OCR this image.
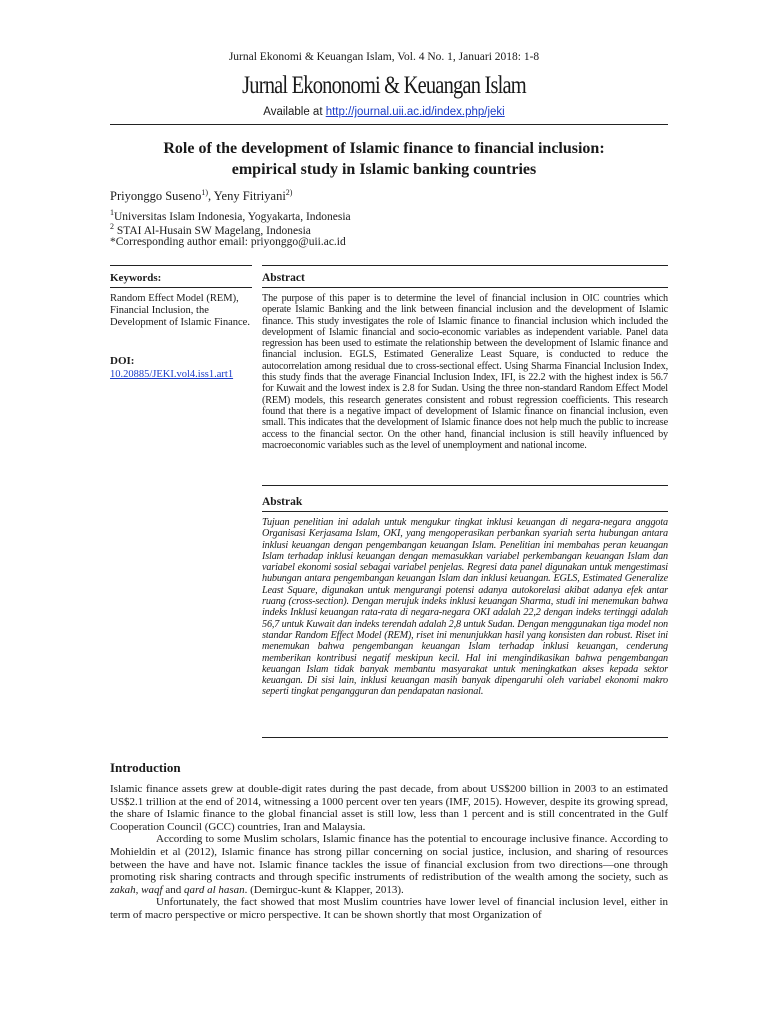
Jurnal Ekonomi & Keuangan Islam, Vol. 4 No. 1, Januari 2018: 1-8
Jurnal Ekononomi & Keuangan Islam
Available at http://journal.uii.ac.id/index.php/jeki
Role of the development of Islamic finance to financial inclusion:
empirical study in Islamic banking countries
Priyonggo Suseno$^{1)}$, Yeny Fitriyani$^{2)}$
$^1$Universitas Islam Indonesia, Yogyakarta, Indonesia
$^2$ STAI Al-Husain SW Magelang, Indonesia
*Corresponding author email: priyonggo@uii.ac.id
Keywords:
Random Effect Model (REM), Financial Inclusion, the Development of Islamic Finance.
DOI:
10.20885/JEKI.vol4.iss1.art1
Abstract
The purpose of this paper is to determine the level of financial inclusion in OIC countries which operate Islamic Banking and the link between financial inclusion and the development of Islamic finance. This study investigates the role of Islamic finance to financial inclusion which included the development of Islamic financial and socio-economic variables as independent variable. Panel data regression has been used to estimate the relationship between the development of Islamic finance and financial inclusion. EGLS, Estimated Generalize Least Square, is conducted to reduce the autocorrelation among residual due to cross-sectional effect. Using Sharma Financial Inclusion Index, this study finds that the average Financial Inclusion Index, IFI, is 22.2 with the highest index is 56.7 for Kuwait and the lowest index is 2.8 for Sudan. Using the three non-standard Random Effect Model (REM) models, this research generates consistent and robust regression coefficients. This research found that there is a negative impact of development of Islamic finance on financial inclusion, even small. This indicates that the development of Islamic finance does not help much the public to increase access to the financial sector. On the other hand, financial inclusion is still heavily influenced by macroeconomic variables such as the level of unemployment and national income.
Abstrak
Tujuan penelitian ini adalah untuk mengukur tingkat inklusi keuangan di negara-negara anggota Organisasi Kerjasama Islam, OKI, yang mengoperasikan perbankan syariah serta hubungan antara inklusi keuangan dengan pengembangan keuangan Islam. Penelitian ini membahas peran keuangan Islam terhadap inklusi keuangan dengan memasukkan variabel perkembangan keuangan Islam dan variabel ekonomi sosial sebagai variabel penjelas. Regresi data panel digunakan untuk mengestimasi hubungan antara pengembangan keuangan Islam dan inklusi keuangan. EGLS, Estimated Generalize Least Square, digunakan untuk mengurangi potensi adanya autokorelasi akibat adanya efek antar ruang (cross-section). Dengan merujuk indeks inklusi keuangan Sharma, studi ini menemukan bahwa indeks Inklusi keuangan rata-rata di negara-negara OKI adalah 22,2 dengan indeks tertinggi adalah 56,7 untuk Kuwait dan indeks terendah adalah 2,8 untuk Sudan. Dengan menggunakan tiga model non standar Random Effect Model (REM), riset ini menunjukkan hasil yang konsisten dan robust. Riset ini menemukan bahwa pengembangan keuangan Islam terhadap inklusi keuangan, cenderung memberikan kontribusi negatif meskipun kecil. Hal ini mengindikasikan bahwa pengembangan keuangan Islam tidak banyak membantu masyarakat untuk meningkatkan akses kepada sektor keuangan. Di sisi lain, inklusi keuangan masih banyak dipengaruhi oleh variabel ekonomi makro seperti tingkat pengangguran dan pendapatan nasional.
Introduction

Islamic finance assets grew at double-digit rates during the past decade, from about US$200 billion in 2003 to an estimated US$2.1 trillion at the end of 2014, witnessing a 1000 percent over ten years (IMF, 2015). However, despite its growing spread, the share of Islamic finance to the global financial asset is still low, less than 1 percent and is still concentrated in the Gulf Cooperation Council (GCC) countries, Iran and Malaysia.

According to some Muslim scholars, Islamic finance has the potential to encourage inclusive finance. According to Mohieldin et al (2012), Islamic finance has strong pillar concerning on social justice, inclusion, and sharing of resources between the have and have not. Islamic finance tackles the issue of financial exclusion from two directions—one through promoting risk sharing contracts and through specific instruments of redistribution of the wealth among the society, such as zakah, waqf and qard al hasan. (Demirguc-kunt & Klapper, 2013).

Unfortunately, the fact showed that most Muslim countries have lower level of financial inclusion level, either in term of macro perspective or micro perspective. It can be shown shortly that most Organization of
